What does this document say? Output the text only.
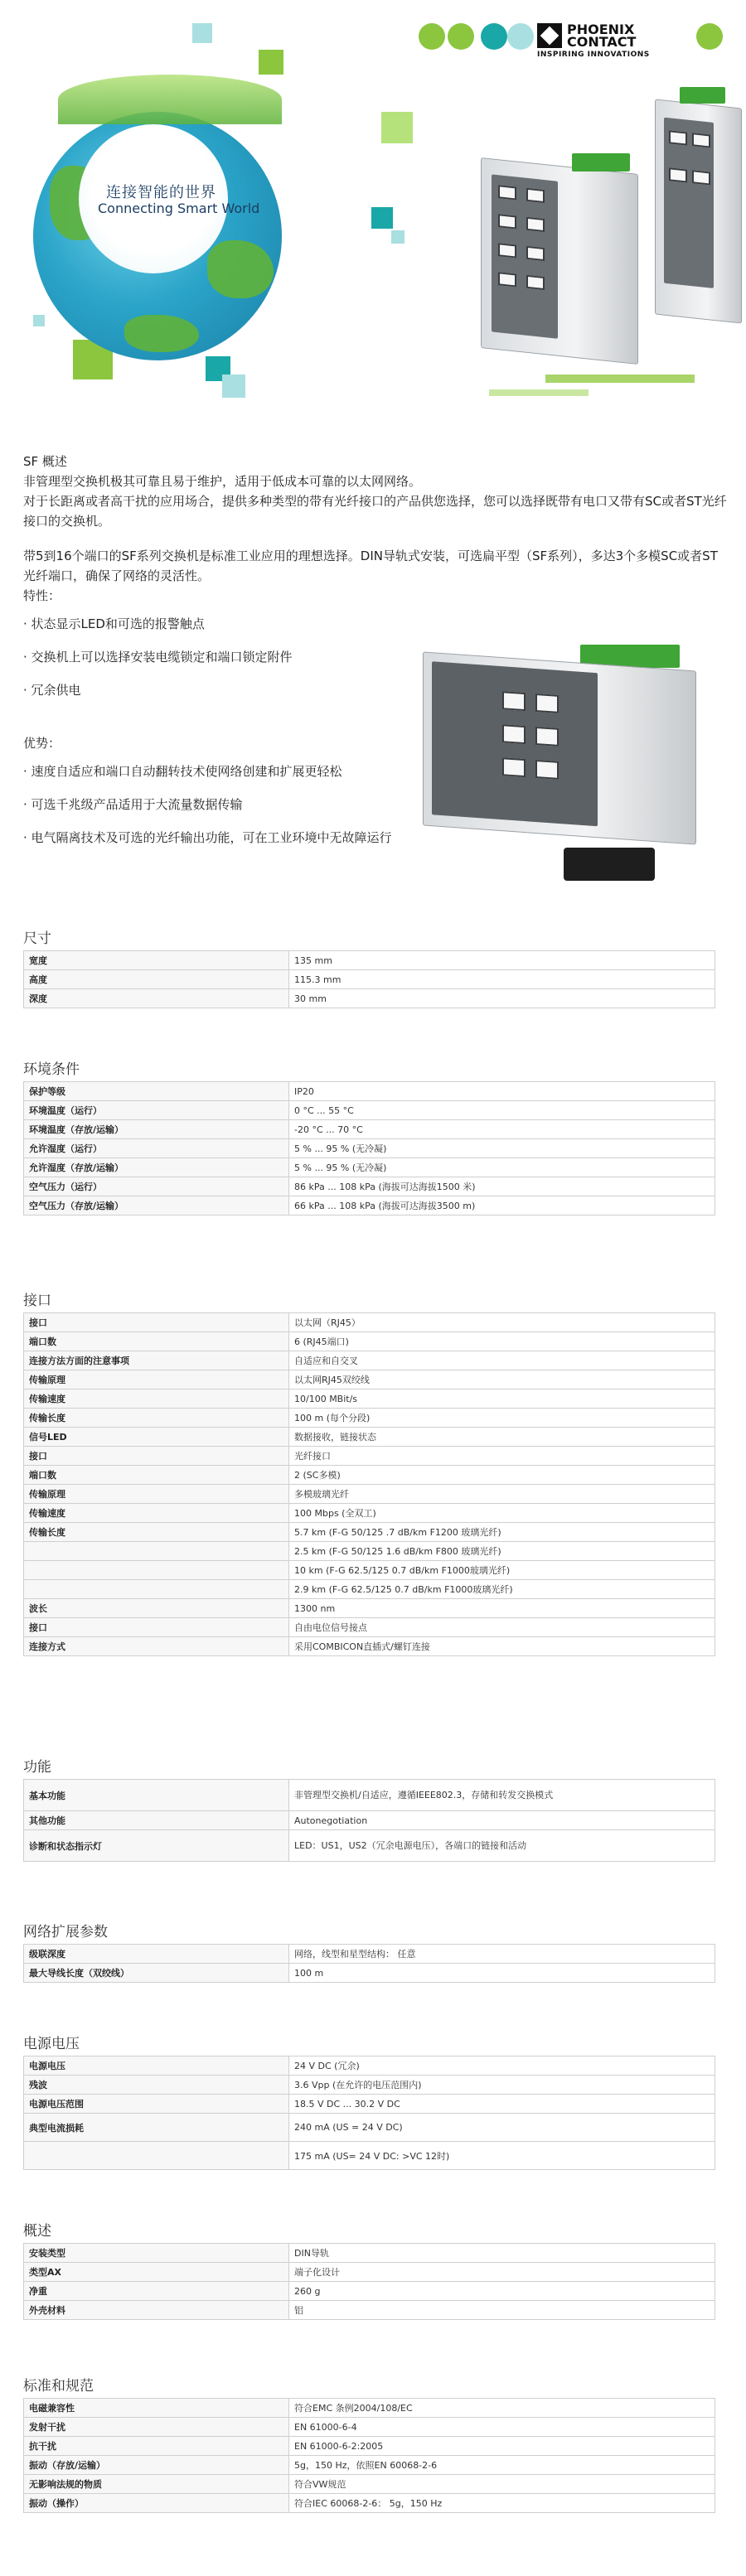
连接智能的世界
Connecting Smart World
PHOENIX
CONTACT
INSPIRING INNOVATIONS

SF 概述

非管理型交换机极其可靠且易于维护，适用于低成本可靠的以太网网络。

对于长距离或者高干扰的应用场合，提供多种类型的带有光纤接口的产品供您选择，您可以选择既带有电口又带有SC或者ST光纤接口的交换机。

带5到16个端口的SF系列交换机是标准工业应用的理想选择。DIN导轨式安装，可选扁平型（SF系列），多达3个多模SC或者ST光纤端口，确保了网络的灵活性。

特性：

· 状态显示LED和可选的报警触点

· 交换机上可以选择安装电缆锁定和端口锁定附件

· 冗余供电

优势：

· 速度自适应和端口自动翻转技术使网络创建和扩展更轻松

· 可选千兆级产品适用于大流量数据传输

· 电气隔离技术及可选的光纤输出功能，可在工业环境中无故障运行

尺寸
宽度	135 mm
高度	115.3 mm
深度	30 mm
环境条件
保护等级	IP20
环境温度（运行）	0 °C ... 55 °C
环境温度（存放/运输）	-20 °C ... 70 °C
允许湿度（运行）	5 % ... 95 % (无冷凝)
允许湿度（存放/运输）	5 % ... 95 % (无冷凝)
空气压力（运行）	86 kPa ... 108 kPa (海拔可达海拔1500 米)
空气压力（存放/运输）	66 kPa ... 108 kPa (海拔可达海拔3500 m)
接口
接口	以太网（RJ45）
端口数	6 (RJ45端口)
连接方法方面的注意事项	自适应和自交叉
传输原理	以太网RJ45双绞线
传输速度	10/100 MBit/s
传输长度	100 m (每个分段)
信号LED	数据接收，链接状态
接口	光纤接口
端口数	2 (SC多模)
传输原理	多模玻璃光纤
传输速度	100 Mbps (全双工)
传输长度	5.7 km (F-G 50/125 .7 dB/km F1200 玻璃光纤)
	2.5 km (F-G 50/125 1.6 dB/km F800 玻璃光纤)
	10 km (F-G 62.5/125 0.7 dB/km F1000玻璃光纤)
	2.9 km (F-G 62.5/125 0.7 dB/km F1000玻璃光纤)
波长	1300 nm
接口	自由电位信号接点
连接方式	采用COMBICON直插式/螺钉连接
功能
基本功能	非管理型交换机/自适应，遵循IEEE802.3，存储和转发交换模式
其他功能	Autonegotiation
诊断和状态指示灯	LED：US1，US2（冗余电源电压），各端口的链接和活动
网络扩展参数
级联深度	网络，线型和星型结构： 任意
最大导线长度（双绞线）	100 m
电源电压
电源电压	24 V DC (冗余)
残波	3.6 Vpp (在允许的电压范围内)
电源电压范围	18.5 V DC ... 30.2 V DC
典型电流损耗	240 mA (US = 24 V DC)
	175 mA (US= 24 V DC: >VC 12时)
概述
安装类型	DIN导轨
类型AX	端子化设计
净重	260 g
外壳材料	铝
标准和规范
电磁兼容性	符合EMC 条例2004/108/EC
发射干扰	EN 61000-6-4
抗干扰	EN 61000-6-2:2005
振动（存放/运输）	5g，150 Hz，依照EN 60068-2-6
无影响法规的物质	符合VW规范
振动（操作）	符合IEC 60068-2-6： 5g，150 Hz
